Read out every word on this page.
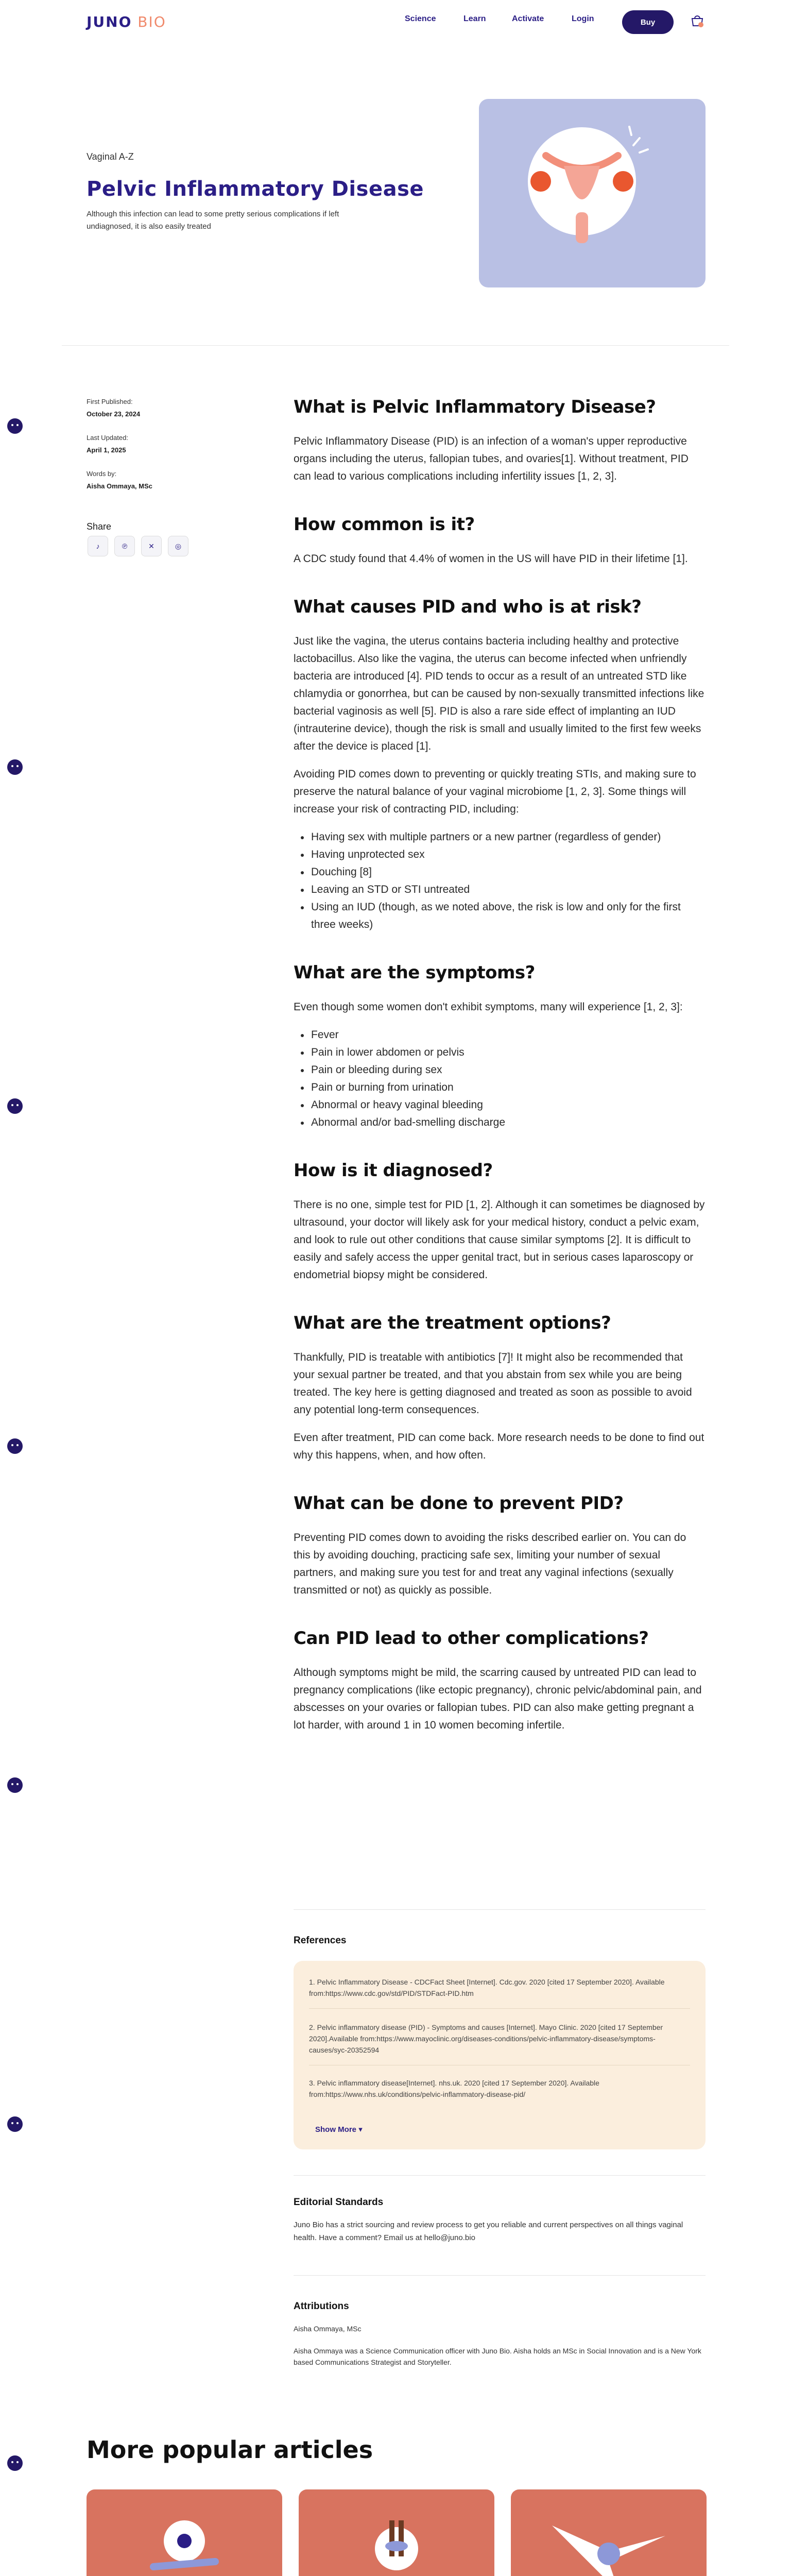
JUNO BIO	Science	Learn	Activate	Login	Buy
Vaginal A-Z
Pelvic Inflammatory Disease

Although this infection can lead to some pretty serious complications if left undiagnosed, it is also easily treated

First Published:
October 23, 2024
Last Updated:
April 1, 2025
Words by:
Aisha Ommaya, MSc
Share
♪	℗	✕	◎
What is Pelvic Inflammatory Disease?

Pelvic Inflammatory Disease (PID) is an infection of a woman's upper reproductive organs including the uterus, fallopian tubes, and ovaries[1]. Without treatment, PID can lead to various complications including infertility issues [1, 2, 3].

How common is it?

A CDC study found that 4.4% of women in the US will have PID in their lifetime [1].

What causes PID and who is at risk?

Just like the vagina, the uterus contains bacteria including healthy and protective lactobacillus. Also like the vagina, the uterus can become infected when unfriendly bacteria are introduced [4]. PID tends to occur as a result of an untreated STD like chlamydia or gonorrhea, but can be caused by non-sexually transmitted infections like bacterial vaginosis as well [5]. PID is also a rare side effect of implanting an IUD (intrauterine device), though the risk is small and usually limited to the first few weeks after the device is placed [1].

Avoiding PID comes down to preventing or quickly treating STIs, and making sure to preserve the natural balance of your vaginal microbiome [1, 2, 3]. Some things will increase your risk of contracting PID, including:

Having sex with multiple partners or a new partner (regardless of gender)
Having unprotected sex
Douching [8]
Leaving an STD or STI untreated
Using an IUD (though, as we noted above, the risk is low and only for the first three weeks)
What are the symptoms?

Even though some women don't exhibit symptoms, many will experience [1, 2, 3]:

Fever
Pain in lower abdomen or pelvis
Pain or bleeding during sex
Pain or burning from urination
Abnormal or heavy vaginal bleeding
Abnormal and/or bad-smelling discharge
How is it diagnosed?

There is no one, simple test for PID [1, 2]. Although it can sometimes be diagnosed by ultrasound, your doctor will likely ask for your medical history, conduct a pelvic exam, and look to rule out other conditions that cause similar symptoms [2]. It is difficult to easily and safely access the upper genital tract, but in serious cases laparoscopy or endometrial biopsy might be considered.

What are the treatment options?

Thankfully, PID is treatable with antibiotics [7]! It might also be recommended that your sexual partner be treated, and that you abstain from sex while you are being treated. The key here is getting diagnosed and treated as soon as possible to avoid any potential long-term consequences.

Even after treatment, PID can come back. More research needs to be done to find out why this happens, when, and how often.

What can be done to prevent PID?

Preventing PID comes down to avoiding the risks described earlier on. You can do this by avoiding douching, practicing safe sex, limiting your number of sexual partners, and making sure you test for and treat any vaginal infections (sexually transmitted or not) as quickly as possible.

Can PID lead to other complications?

Although symptoms might be mild, the scarring caused by untreated PID can lead to pregnancy complications (like ectopic pregnancy), chronic pelvic/abdominal pain, and abscesses on your ovaries or fallopian tubes. PID can also make getting pregnant a lot harder, with around 1 in 10 women becoming infertile.

References
1. Pelvic Inflammatory Disease - CDCFact Sheet [Internet]. Cdc.gov. 2020 [cited 17 September 2020]. Available from:https://www.cdc.gov/std/PID/STDFact-PID.htm
2. Pelvic inflammatory disease (PID) - Symptoms and causes [Internet]. Mayo Clinic. 2020 [cited 17 September 2020].Available from:https://www.mayoclinic.org/diseases-conditions/pelvic-inflammatory-disease/symptoms-causes/syc-20352594
3. Pelvic inflammatory disease[Internet]. nhs.uk. 2020 [cited 17 September 2020]. Available from:https://www.nhs.uk/conditions/pelvic-inflammatory-disease-pid/
Show More ▾
Editorial Standards
Juno Bio has a strict sourcing and review process to get you reliable and current perspectives on all things vaginal health. Have a comment? Email us at hello@juno.bio
Attributions
Aisha Ommaya, MSc
Aisha Ommaya was a Science Communication officer with Juno Bio. Aisha holds an MSc in Social Innovation and is a New York based Communications Strategist and Storyteller.
More popular articles
